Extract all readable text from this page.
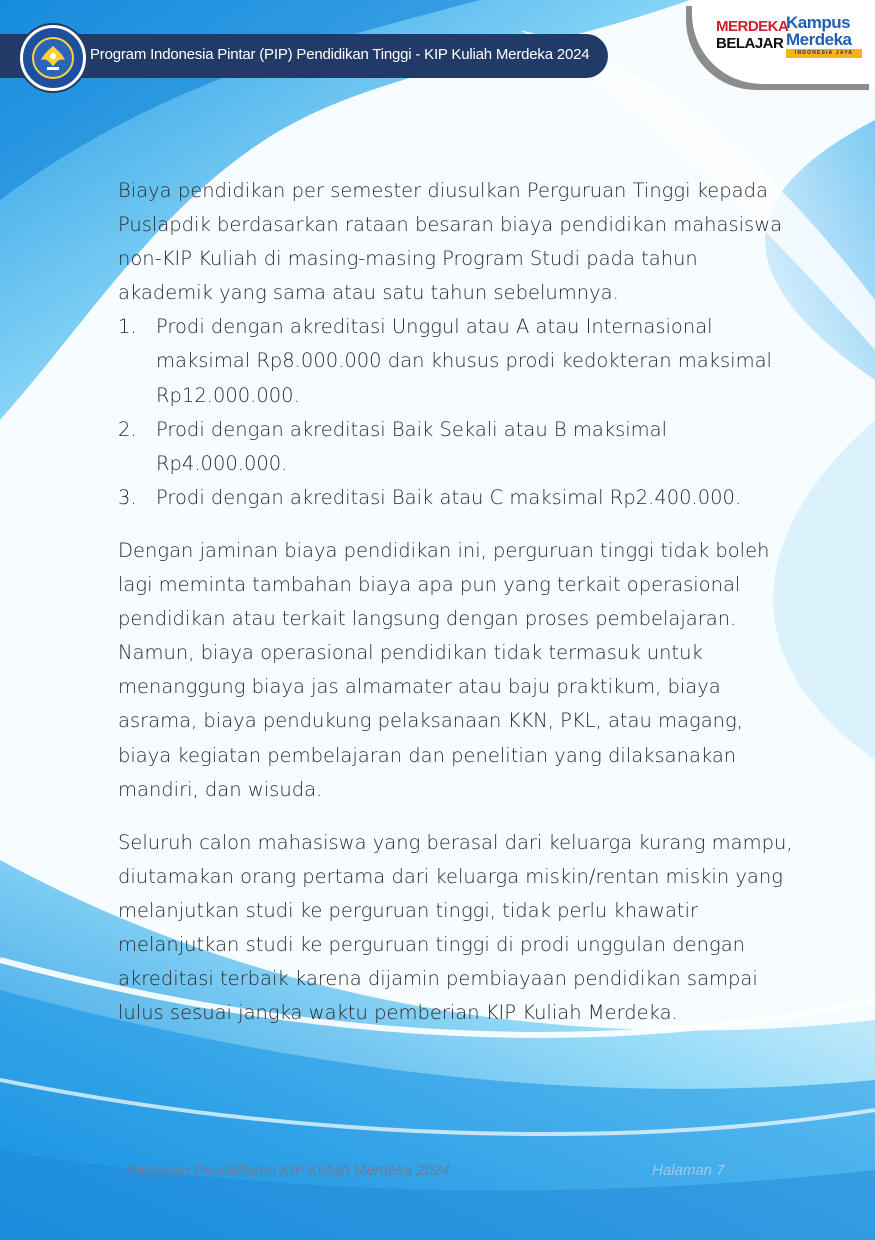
Program Indonesia Pintar (PIP) Pendidikan Tinggi - KIP Kuliah Merdeka 2024
MERDEKA
BELAJAR
Kampus
Merdeka
INDONESIA JAYA

Biaya pendidikan per semester diusulkan Perguruan Tinggi kepada Puslapdik berdasarkan rataan besaran biaya pendidikan mahasiswa non-KIP Kuliah di masing-masing Program Studi pada tahun akademik yang sama atau satu tahun sebelumnya.

1. Prodi dengan akreditasi Unggul atau A atau Internasional maksimal Rp8.000.000 dan khusus prodi kedokteran maksimal Rp12.000.000.
2. Prodi dengan akreditasi Baik Sekali atau B maksimal Rp4.000.000.
3. Prodi dengan akreditasi Baik atau C maksimal Rp2.400.000.

Dengan jaminan biaya pendidikan ini, perguruan tinggi tidak boleh lagi meminta tambahan biaya apa pun yang terkait operasional pendidikan atau terkait langsung dengan proses pembelajaran. Namun, biaya operasional pendidikan tidak termasuk untuk menanggung biaya jas almamater atau baju praktikum, biaya asrama, biaya pendukung pelaksanaan KKN, PKL, atau magang, biaya kegiatan pembelajaran dan penelitian yang dilaksanakan mandiri, dan wisuda.

Seluruh calon mahasiswa yang berasal dari keluarga kurang mampu, diutamakan orang pertama dari keluarga miskin/rentan miskin yang melanjutkan studi ke perguruan tinggi, tidak perlu khawatir melanjutkan studi ke perguruan tinggi di prodi unggulan dengan akreditasi terbaik karena dijamin pembiayaan pendidikan sampai lulus sesuai jangka waktu pemberian KIP Kuliah Merdeka.

Pedoman Pendaftaran KIP Kuliah Merdeka 2024	Halaman 7
